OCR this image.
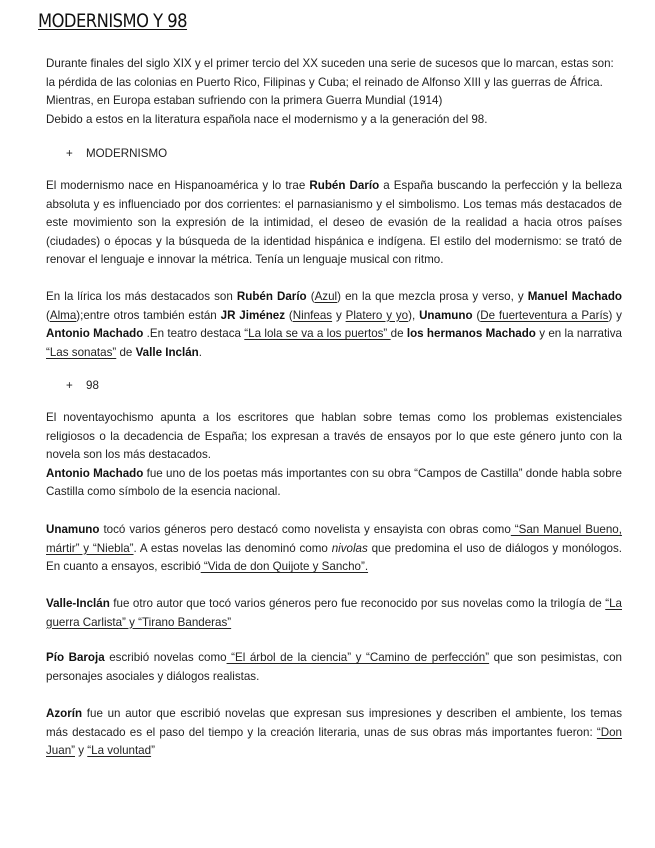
MODERNISMO Y 98

Durante finales del siglo XIX y el primer tercio del XX suceden una serie de sucesos que lo marcan, estas son:
la pérdida de las colonias en Puerto Rico, Filipinas y Cuba; el reinado de Alfonso XIII y las guerras de África.
Mientras, en Europa estaban sufriendo con la primera Guerra Mundial (1914)
Debido a estos en la literatura española nace el modernismo y a la generación del 98.

+ MODERNISMO

El modernismo nace en Hispanoamérica y lo trae Rubén Darío a España buscando la perfección y la belleza absoluta y es influenciado por dos corrientes: el parnasianismo y el simbolismo. Los temas más destacados de este movimiento son la expresión de la intimidad, el deseo de evasión de la realidad a hacia otros países (ciudades) o épocas y la búsqueda de la identidad hispánica e indígena. El estilo del modernismo: se trató de renovar el lenguaje e innovar la métrica. Tenía un lenguaje musical con ritmo.

En la lírica los más destacados son Rubén Darío (Azul) en la que mezcla prosa y verso, y Manuel Machado (Alma);entre otros también están JR Jiménez (Ninfeas y Platero y yo), Unamuno (De fuerteventura a París) y Antonio Machado .En teatro destaca “La lola se va a los puertos” de los hermanos Machado y en la narrativa “Las sonatas” de Valle Inclán.

+ 98

El noventayochismo apunta a los escritores que hablan sobre temas como los problemas existenciales religiosos o la decadencia de España; los expresan a través de ensayos por lo que este género junto con la novela son los más destacados.
Antonio Machado fue uno de los poetas más importantes con su obra “Campos de Castilla” donde habla sobre Castilla como símbolo de la esencia nacional.

Unamuno tocó varios géneros pero destacó como novelista y ensayista con obras como “San Manuel Bueno, mártir” y “Niebla”. A estas novelas las denominó como nivolas que predomina el uso de diálogos y monólogos. En cuanto a ensayos, escribió “Vida de don Quijote y Sancho”.

Valle-Inclán fue otro autor que tocó varios géneros pero fue reconocido por sus novelas como la trilogía de “La guerra Carlista” y “Tirano Banderas”

Pío Baroja escribió novelas como “El árbol de la ciencia” y “Camino de perfección” que son pesimistas, con personajes asociales y diálogos realistas.

Azorín fue un autor que escribió novelas que expresan sus impresiones y describen el ambiente, los temas más destacado es el paso del tiempo y la creación literaria, unas de sus obras más importantes fueron: “Don Juan” y “La voluntad”
